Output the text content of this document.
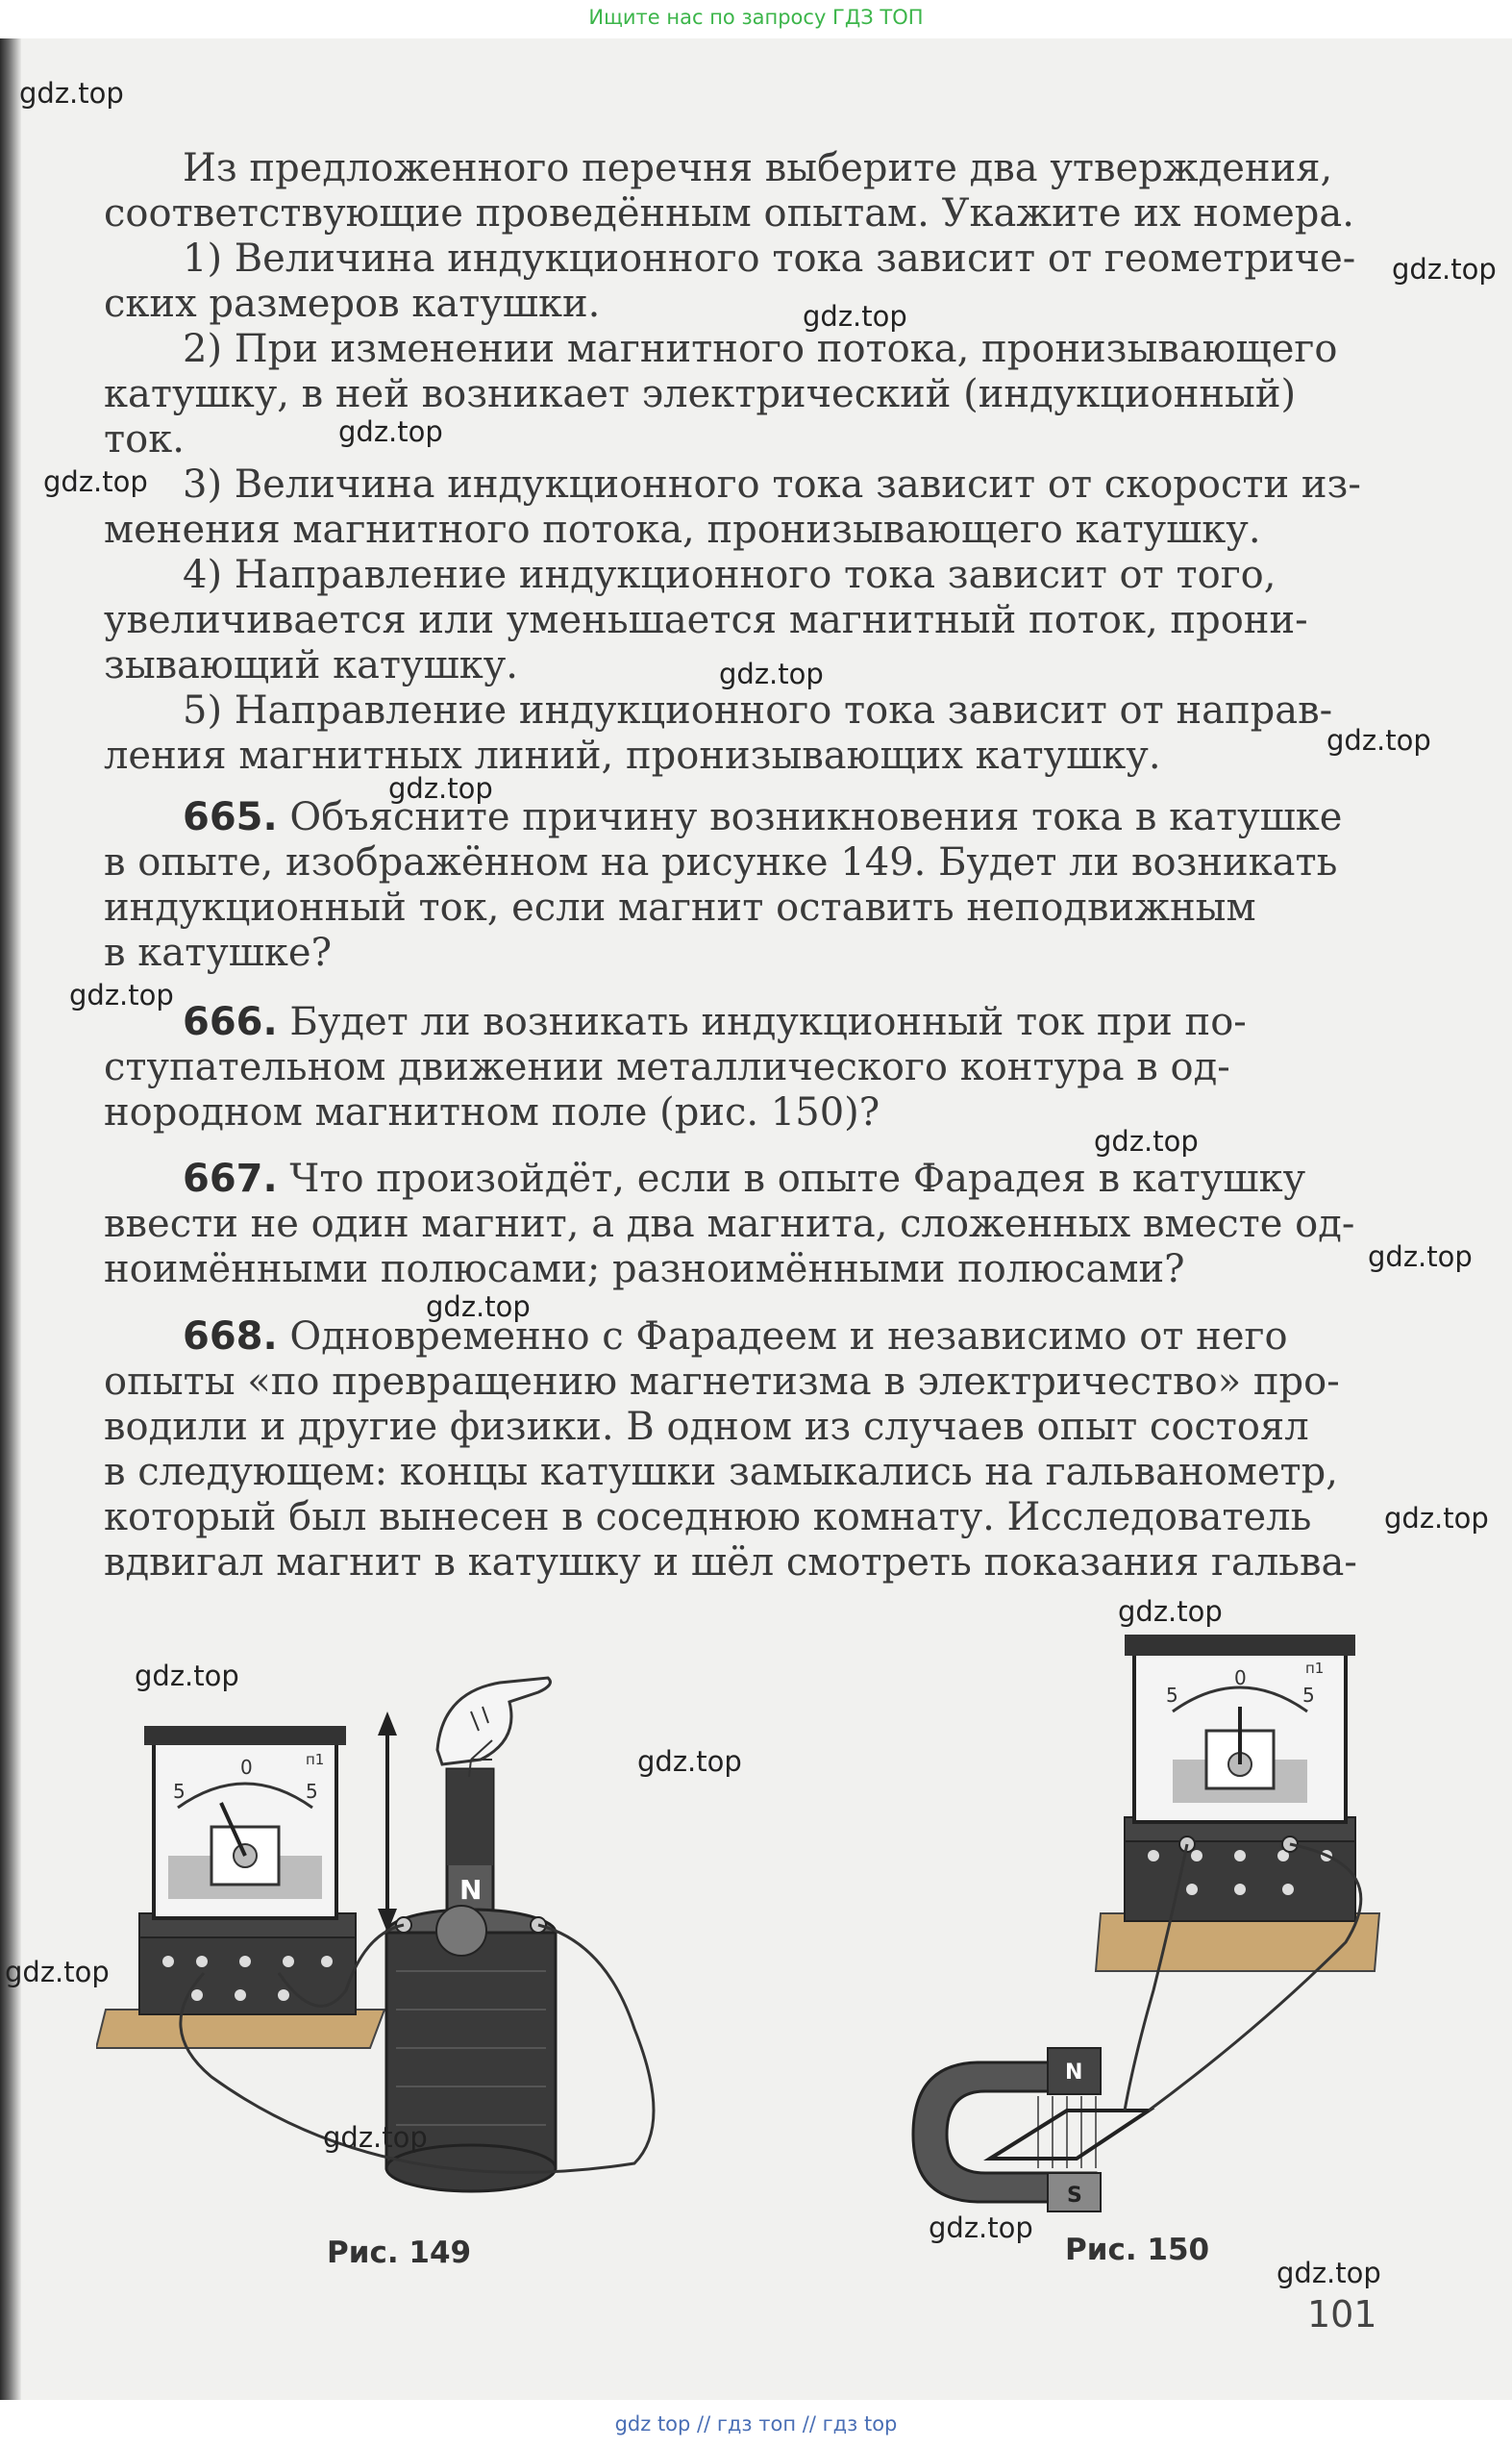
Ищите нас по запросу ГДЗ ТОП

Из предложенного перечня выберите два утверждения,

соответствующие проведённым опытам. Укажите их номера.

1) Величина индукционного тока зависит от геометриче-

ских размеров катушки.

2) При изменении магнитного потока, пронизывающего

катушку, в ней возникает электрический (индукционный)

ток.

3) Величина индукционного тока зависит от скорости из-

менения магнитного потока, пронизывающего катушку.

4) Направление индукционного тока зависит от того,

увеличивается или уменьшается магнитный поток, прони-

зывающий катушку.

5) Направление индукционного тока зависит от направ-

ления магнитных линий, пронизывающих катушку.

665. Объясните причину возникновения тока в катушке

в опыте, изображённом на рисунке 149. Будет ли возникать

индукционный ток, если магнит оставить неподвижным

в катушке?

666. Будет ли возникать индукционный ток при по-

ступательном движении металлического контура в од-

нородном магнитном поле (рис. 150)?

667. Что произойдёт, если в опыте Фарадея в катушку

ввести не один магнит, а два магнита, сложенных вместе од-

ноимёнными полюсами; разноимёнными полюсами?

668. Одновременно с Фарадеем и независимо от него

опыты «по превращению магнетизма в электричество» про-

водили и другие физики. В одном из случаев опыт состоял

в следующем: концы катушки замыкались на гальванометр,

который был вынесен в соседнюю комнату. Исследователь

вдвигал магнит в катушку и шёл смотреть показания гальва-

5
0
5
п1
N
Рис. 149
5
0
5
п1
N
S
Рис. 150
101
gdz.top
gdz.top
gdz.top
gdz.top
gdz.top
gdz.top
gdz.top
gdz.top
gdz.top
gdz.top
gdz.top
gdz.top
gdz.top
gdz.top
gdz.top
gdz.top
gdz.top
gdz.top
gdz.top
gdz.top
gdz top // гдз топ // гдз top
